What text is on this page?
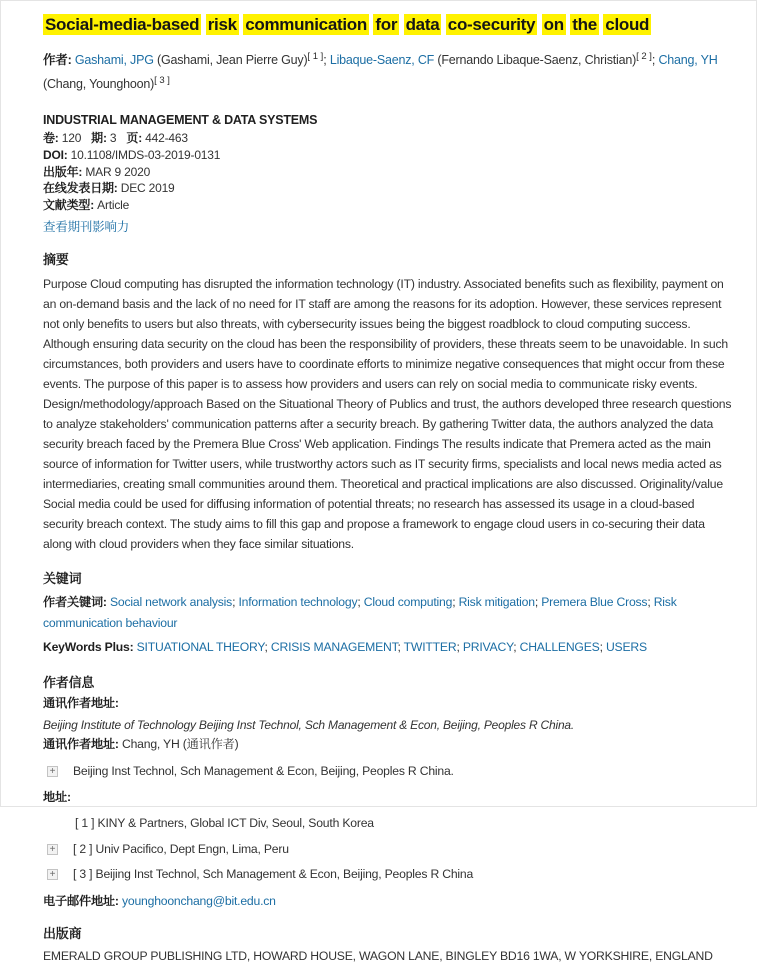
Social-media-based risk communication for data co-security on the cloud
作者: Gashami, JPG (Gashami, Jean Pierre Guy)[ 1 ]; Libaque-Saenz, CF (Fernando Libaque-Saenz, Christian)[ 2 ]; Chang, YH (Chang, Younghoon)[ 3 ]
INDUSTRIAL MANAGEMENT & DATA SYSTEMS
卷: 120 期: 3 页: 442-463
DOI: 10.1108/IMDS-03-2019-0131
出版年: MAR 9 2020
在线发表日期: DEC 2019
文献类型: Article
查看期刊影响力
摘要

Purpose Cloud computing has disrupted the information technology (IT) industry. Associated benefits such as flexibility, payment on an on-demand basis and the lack of no need for IT staff are among the reasons for its adoption. However, these services represent not only benefits to users but also threats, with cybersecurity issues being the biggest roadblock to cloud computing success. Although ensuring data security on the cloud has been the responsibility of providers, these threats seem to be unavoidable. In such circumstances, both providers and users have to coordinate efforts to minimize negative consequences that might occur from these events. The purpose of this paper is to assess how providers and users can rely on social media to communicate risky events. Design/methodology/approach Based on the Situational Theory of Publics and trust, the authors developed three research questions to analyze stakeholders' communication patterns after a security breach. By gathering Twitter data, the authors analyzed the data security breach faced by the Premera Blue Cross' Web application. Findings The results indicate that Premera acted as the main source of information for Twitter users, while trustworthy actors such as IT security firms, specialists and local news media acted as intermediaries, creating small communities around them. Theoretical and practical implications are also discussed. Originality/value Social media could be used for diffusing information of potential threats; no research has assessed its usage in a cloud-based security breach context. The study aims to fill this gap and propose a framework to engage cloud users in co-securing their data along with cloud providers when they face similar situations.

关键词
作者关键词: Social network analysis; Information technology; Cloud computing; Risk mitigation; Premera Blue Cross; Risk communication behaviour
KeyWords Plus: SITUATIONAL THEORY; CRISIS MANAGEMENT; TWITTER; PRIVACY; CHALLENGES; USERS
作者信息
通讯作者地址:
Beijing Institute of Technology Beijing Inst Technol, Sch Management & Econ, Beijing, Peoples R China.
通讯作者地址: Chang, YH (通讯作者)
+ Beijing Inst Technol, Sch Management & Econ, Beijing, Peoples R China.
地址:
[ 1 ] KINY & Partners, Global ICT Div, Seoul, South Korea
+ [ 2 ] Univ Pacifico, Dept Engn, Lima, Peru
+ [ 3 ] Beijing Inst Technol, Sch Management & Econ, Beijing, Peoples R China
电子邮件地址: younghoonchang@bit.edu.cn
出版商
EMERALD GROUP PUBLISHING LTD, HOWARD HOUSE, WAGON LANE, BINGLEY BD16 1WA, W YORKSHIRE, ENGLAND
